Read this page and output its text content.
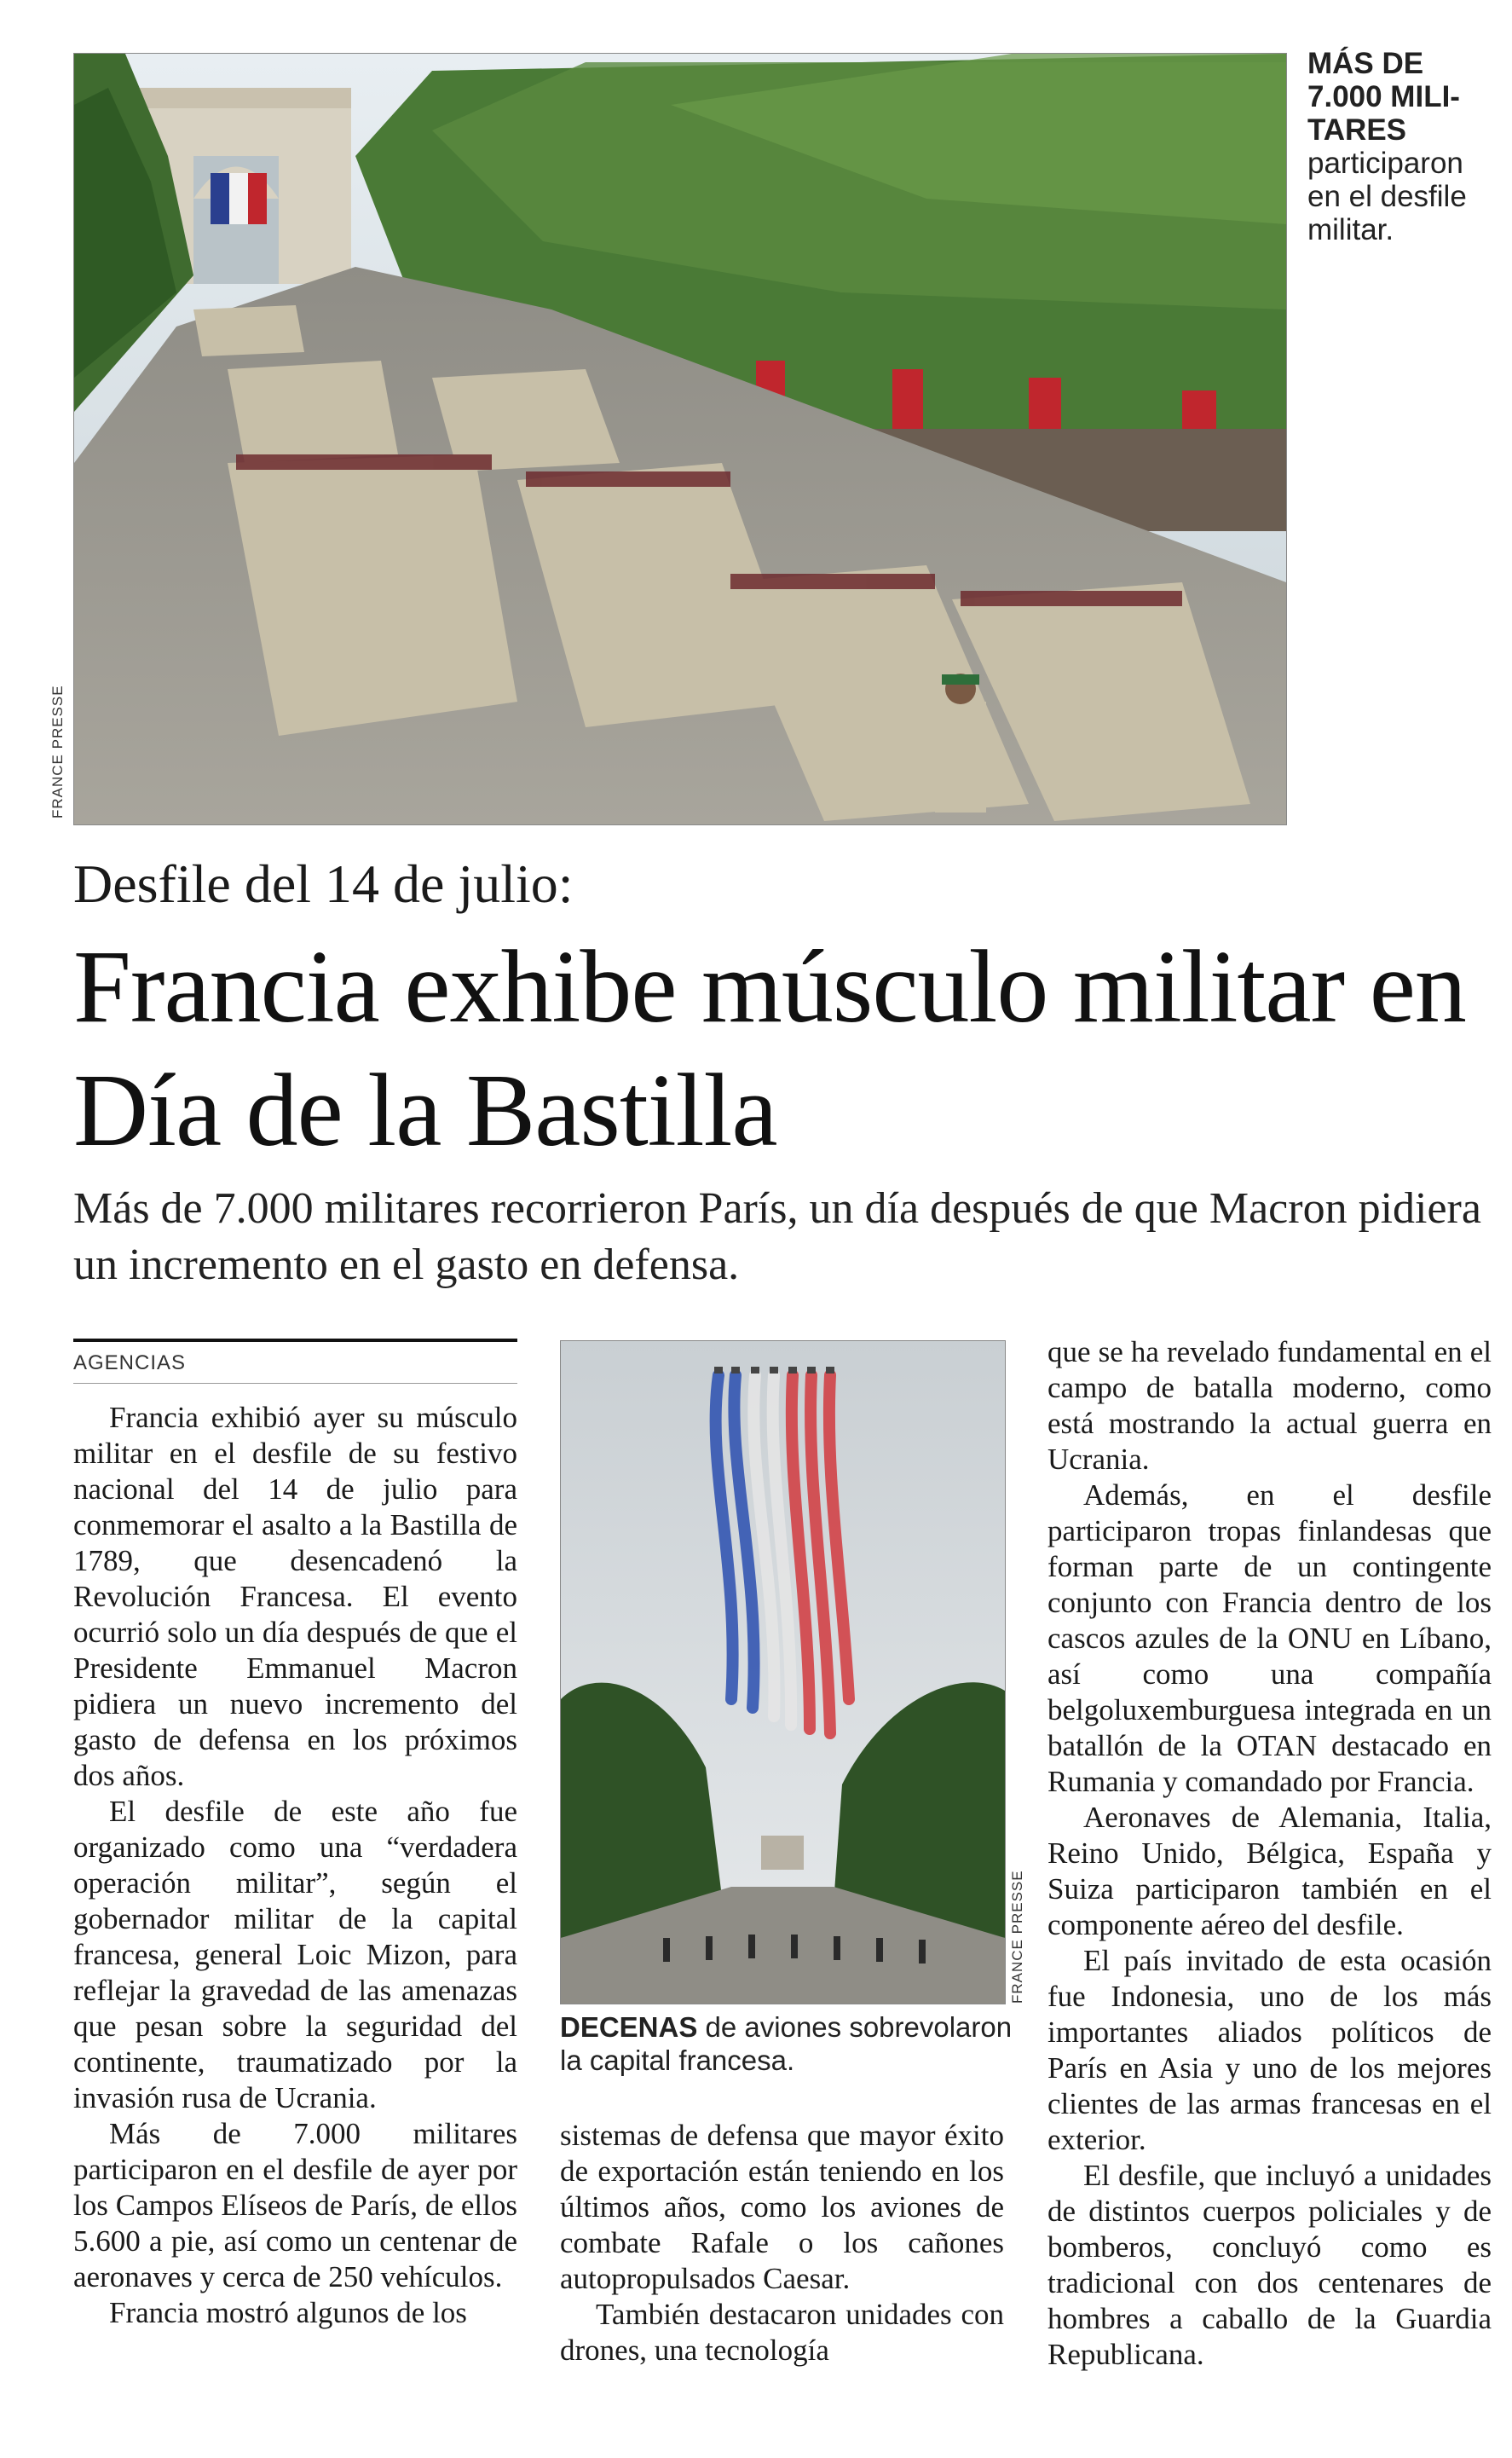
FRANCE PRESSE
MÁS DE 7.000 MILI-TARES participaron en el desfile militar.
Desfile del 14 de julio:
Francia exhibe músculo militar en Día de la Bastilla
Más de 7.000 militares recorrieron París, un día después de que Macron pidiera un incremento en el gasto en defensa.
AGENCIAS

Francia exhibió ayer su músculo militar en el desfile de su festivo nacional del 14 de julio para conmemorar el asalto a la Bastilla de 1789, que desencadenó la Revolución Francesa. El evento ocurrió solo un día después de que el Presidente Emmanuel Macron pidiera un nuevo incremento del gasto de defensa en los próximos dos años.

El desfile de este año fue organizado como una “verdadera operación militar”, según el gobernador militar de la capital francesa, general Loic Mizon, para reflejar la gravedad de las amenazas que pesan sobre la seguridad del continente, traumatizado por la invasión rusa de Ucrania.

Más de 7.000 militares participaron en el desfile de ayer por los Campos Elíseos de París, de ellos 5.600 a pie, así como un centenar de aeronaves y cerca de 250 vehículos.

Francia mostró algunos de los

FRANCE PRESSE
DECENAS de aviones sobrevolaron la capital francesa.

sistemas de defensa que mayor éxito de exportación están teniendo en los últimos años, como los aviones de combate Rafale o los cañones autopropulsados Caesar.

También destacaron unidades con drones, una tecnología

que se ha revelado fundamental en el campo de batalla moderno, como está mostrando la actual guerra en Ucrania.

Además, en el desfile participaron tropas finlandesas que forman parte de un contingente conjunto con Francia dentro de los cascos azules de la ONU en Líbano, así como una compañía belgoluxemburguesa integrada en un batallón de la OTAN destacado en Rumania y comandado por Francia.

Aeronaves de Alemania, Italia, Reino Unido, Bélgica, España y Suiza participaron también en el componente aéreo del desfile.

El país invitado de esta ocasión fue Indonesia, uno de los más importantes aliados políticos de París en Asia y uno de los mejores clientes de las armas francesas en el exterior.

El desfile, que incluyó a unidades de distintos cuerpos policiales y de bomberos, concluyó como es tradicional con dos centenares de hombres a caballo de la Guardia Republicana.
